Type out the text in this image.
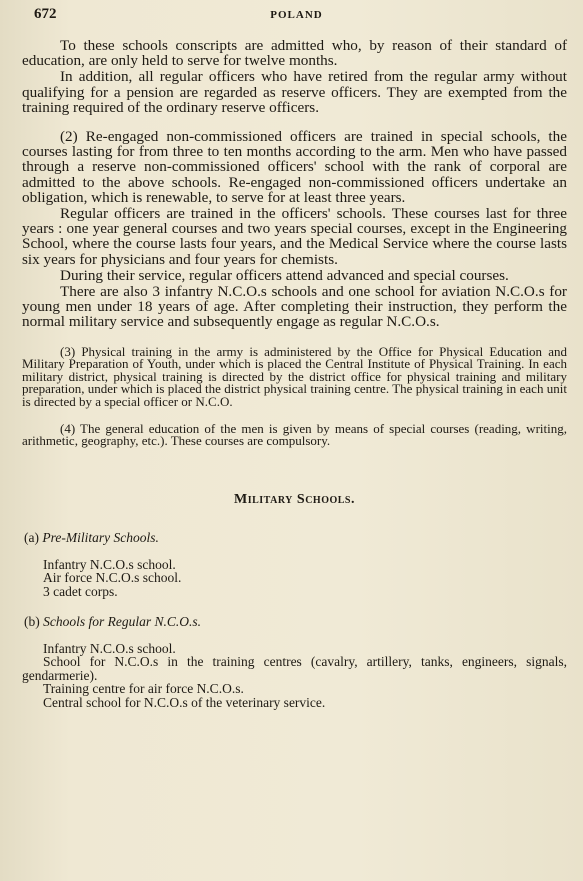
672	POLAND

To these schools conscripts are admitted who, by reason of their standard of education, are only held to serve for twelve months.

In addition, all regular officers who have retired from the regular army without qualifying for a pension are regarded as reserve officers. They are exempted from the training required of the ordinary reserve officers.

(2) Re-engaged non-commissioned officers are trained in special schools, the courses lasting for from three to ten months according to the arm. Men who have passed through a reserve non-commissioned officers' school with the rank of corporal are admitted to the above schools. Re-engaged non-commissioned officers undertake an obligation, which is renewable, to serve for at least three years.

Regular officers are trained in the officers' schools. These courses last for three years : one year general courses and two years special courses, except in the Engineering School, where the course lasts four years, and the Medical Service where the course lasts six years for physicians and four years for chemists.

During their service, regular officers attend advanced and special courses.

There are also 3 infantry N.C.O.s schools and one school for aviation N.C.O.s for young men under 18 years of age. After completing their instruction, they perform the normal military service and subsequently engage as regular N.C.O.s.

(3) Physical training in the army is administered by the Office for Physical Education and Military Preparation of Youth, under which is placed the Central Institute of Physical Training. In each military district, physical training is directed by the district office for physical training and military preparation, under which is placed the district physical training centre. The physical training in each unit is directed by a special officer or N.C.O.

(4) The general education of the men is given by means of special courses (reading, writing, arithmetic, geography, etc.). These courses are compulsory.

Military Schools.
(a) Pre-Military Schools.
Infantry N.C.O.s school.
Air force N.C.O.s school.
3 cadet corps.
(b) Schools for Regular N.C.O.s.
Infantry N.C.O.s school.
School for N.C.O.s in the training centres (cavalry, artillery, tanks, engineers, signals, gendarmerie).
Training centre for air force N.C.O.s.
Central school for N.C.O.s of the veterinary service.
